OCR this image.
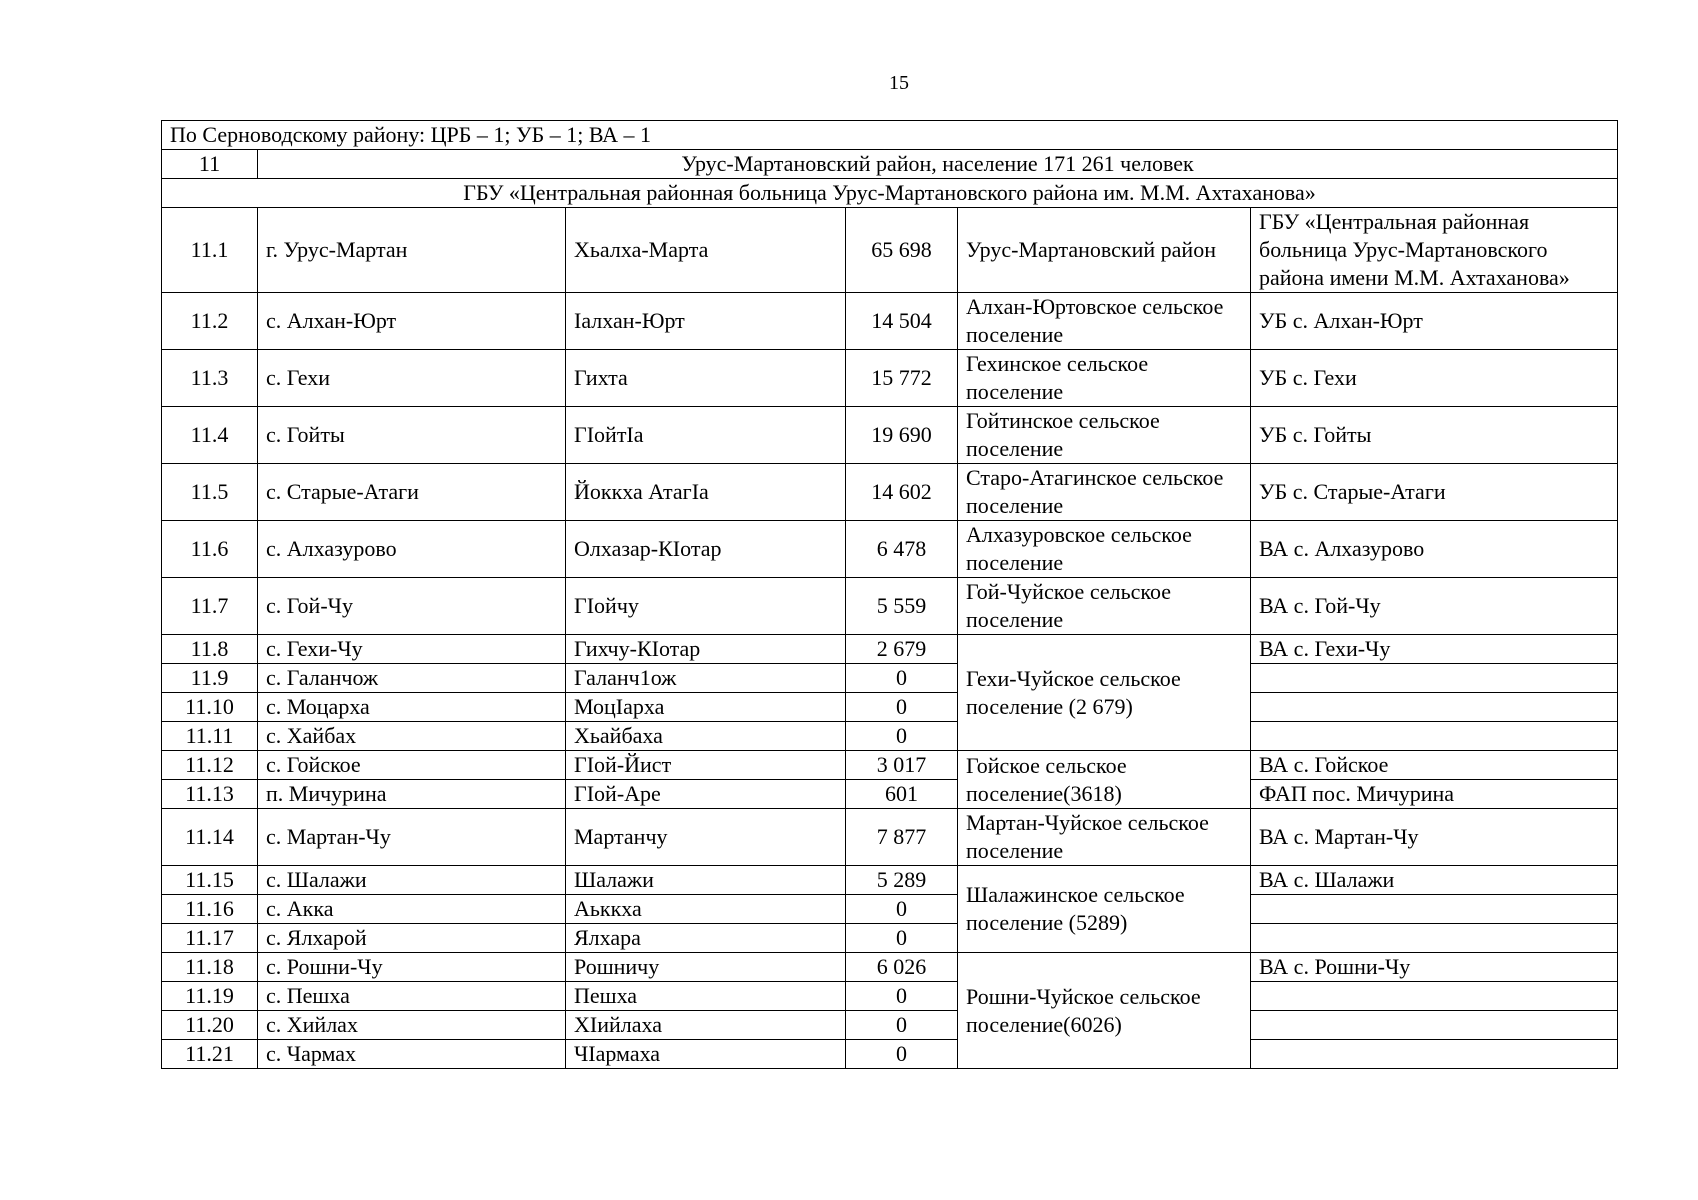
15
По Серноводскому району: ЦРБ – 1; УБ – 1; ВА – 1					
11	Урус-Мартановский район, население 171 261 человек				
ГБУ «Центральная районная больница Урус-Мартановского района им. М.М. Ахтаханова»					
11.1	г. Урус-Мартан	Хьалха-Марта	65 698	Урус-Мартановский район	ГБУ «Центральная районная больница Урус-Мартановского района имени М.М. Ахтаханова»
11.2	с. Алхан-Юрт	Iалхан-Юрт	14 504	Алхан-Юртовское сельское поселение	УБ с. Алхан-Юрт
11.3	с. Гехи	Гихта	15 772	Гехинское сельское поселение	УБ с. Гехи
11.4	с. Гойты	ГIойтIа	19 690	Гойтинское сельское поселение	УБ с. Гойты
11.5	с. Старые-Атаги	Йоккха АтагIа	14 602	Старо-Атагинское сельское поселение	УБ с. Старые-Атаги
11.6	с. Алхазурово	Олхазар-КIотар	6 478	Алхазуровское сельское поселение	ВА с. Алхазурово
11.7	с. Гой-Чу	ГIойчу	5 559	Гой-Чуйское сельское поселение	ВА с. Гой-Чу
11.8	с. Гехи-Чу	Гихчу-КIотар	2 679	Гехи-Чуйское сельское поселение (2 679)	ВА с. Гехи-Чу
11.9	с. Галанчож	Галанч1ож	0		
11.10	с. Моцарха	МоцIарха	0		
11.11	с. Хайбах	Хьайбаха	0		
11.12	с. Гойское	ГIой-Йист	3 017	Гойское сельское поселение(3618)	ВА с. Гойское
11.13	п. Мичурина	ГIой-Аре	601		ФАП пос. Мичурина
11.14	с. Мартан-Чу	Мартанчу	7 877	Мартан-Чуйское сельское поселение	ВА с. Мартан-Чу
11.15	с. Шалажи	Шалажи	5 289	Шалажинское сельское поселение (5289)	ВА с. Шалажи
11.16	с. Акка	Аьккха	0		
11.17	с. Ялхарой	Ялхара	0		
11.18	с. Рошни-Чу	Рошничу	6 026	Рошни-Чуйское сельское поселение(6026)	ВА с. Рошни-Чу
11.19	с. Пешха	Пешха	0		
11.20	с. Хийлах	ХIийлаха	0		
11.21	с. Чармах	ЧIармаха	0		
